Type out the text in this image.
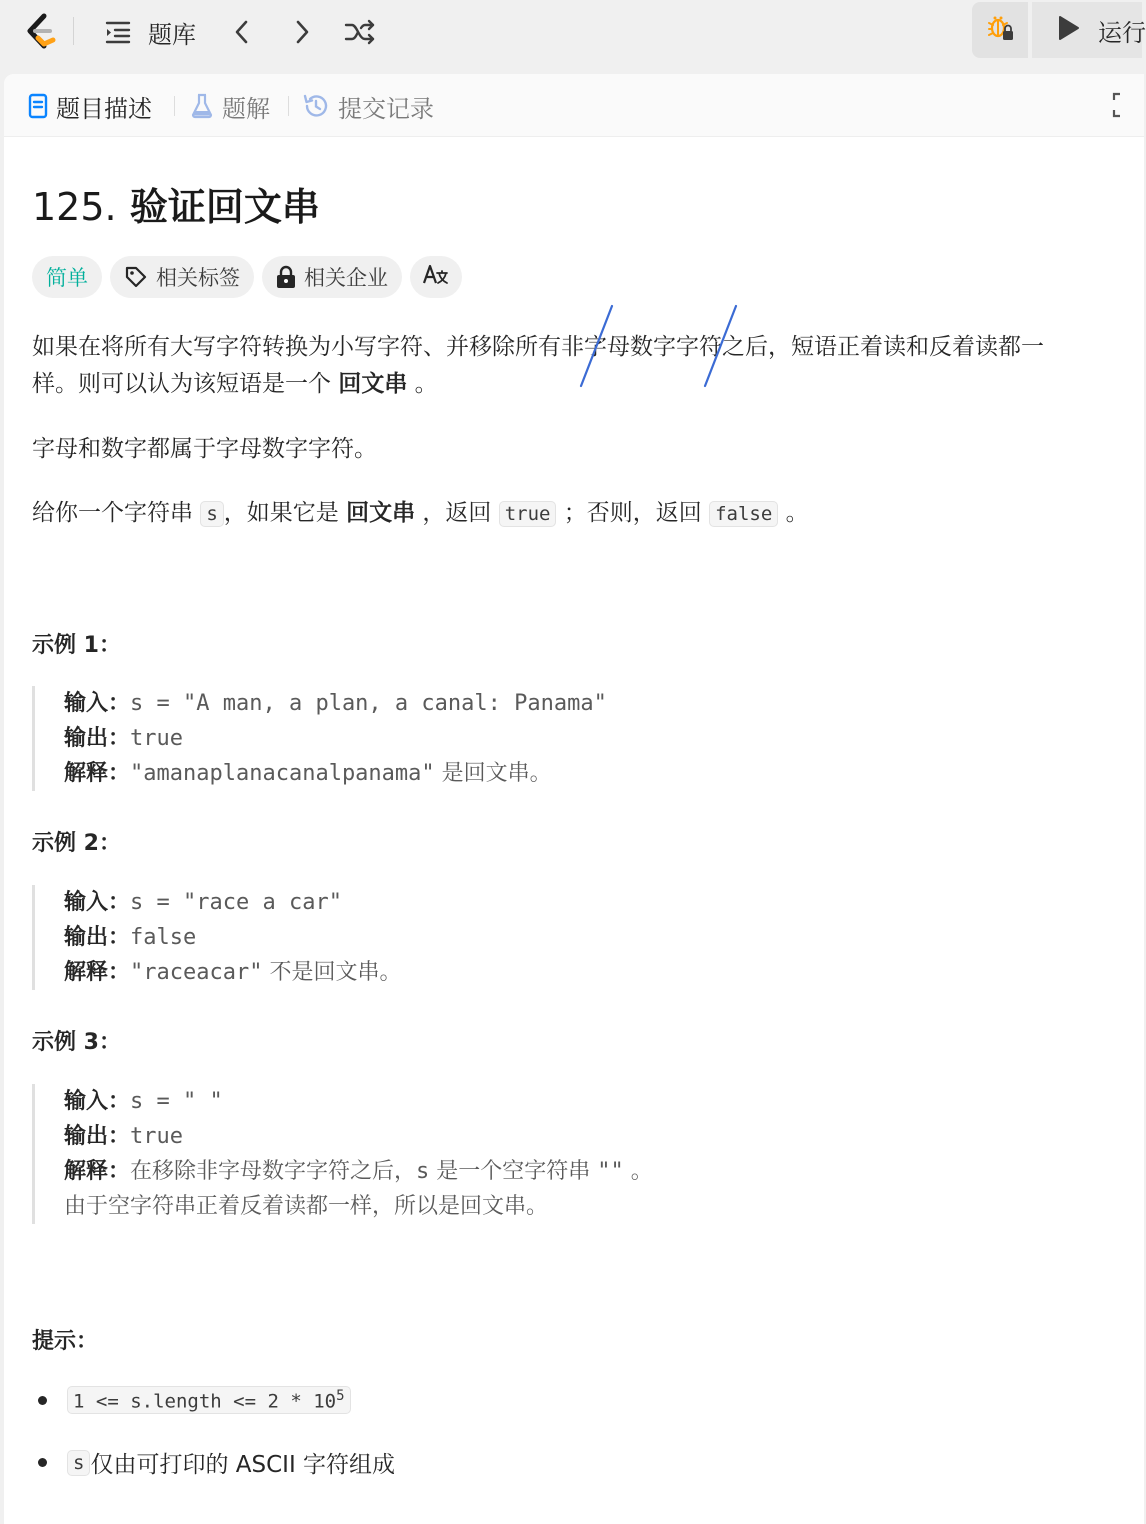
题库	运行
题目描述	题解	提交记录
125. 验证回文串
简单	相关标签	相关企业
如果在将所有大写字符转换为小写字符、并移除所有非字母数字字符之后，短语正着读和反着读都一
样。则可以认为该短语是一个 回文串 。
字母和数字都属于字母数字字符。
给你一个字符串 s ，如果它是 回文串 ，返回 true ；否则，返回 false 。
示例 1：
输入：s = "A man, a plan, a canal: Panama"
输出：true
解释："amanaplanacanalpanama" 是回文串。
示例 2：
输入：s = "race a car"
输出：false
解释："raceacar" 不是回文串。
示例 3：
输入：s = " "
输出：true
解释：在移除非字母数字字符之后，s 是一个空字符串 "" 。
由于空字符串正着反着读都一样，所以是回文串。
提示：
1 <= s.length <= $2 * 10^5$
s 仅由可打印的 ASCII 字符组成
